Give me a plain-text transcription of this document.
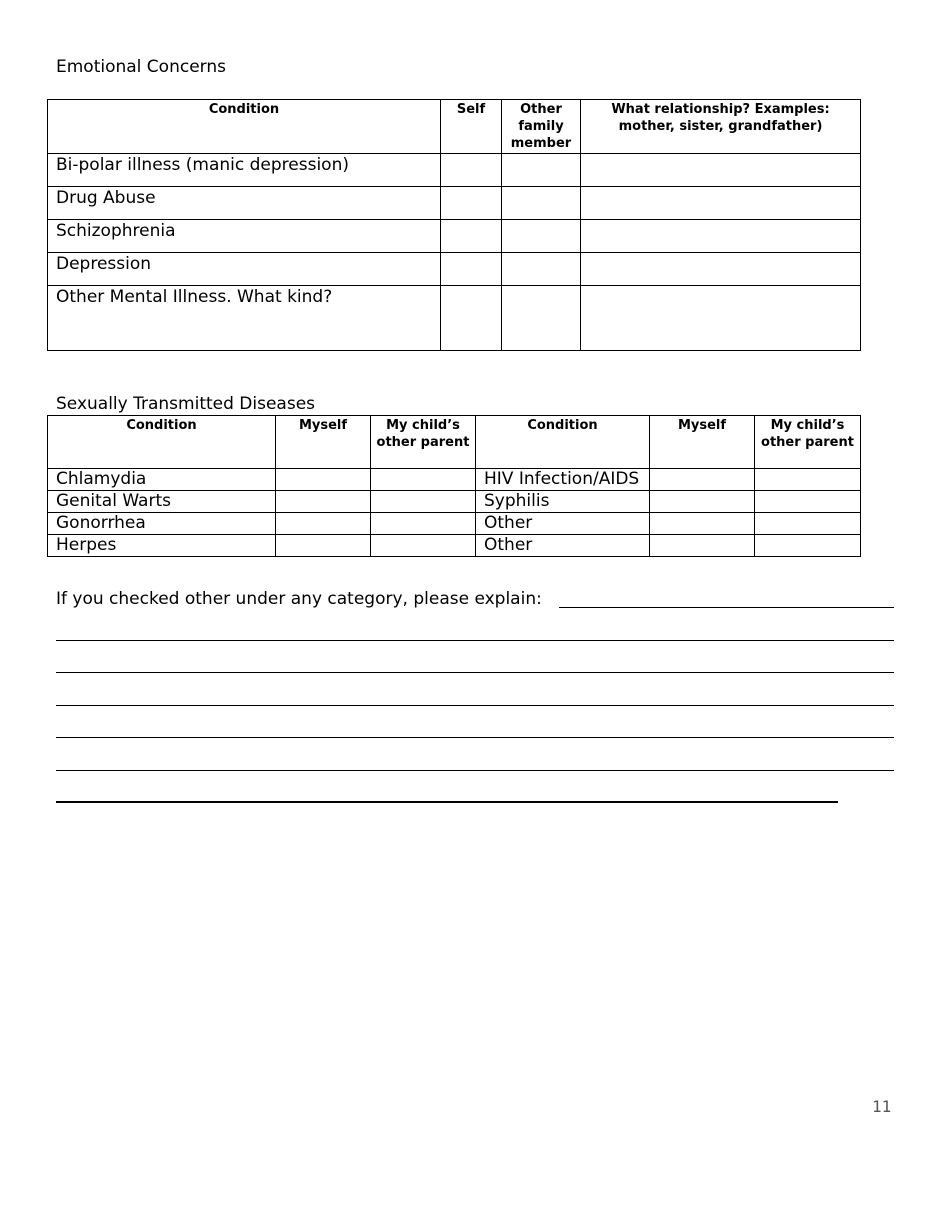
Emotional Concerns
Condition	Self	Other family member	What relationship? Examples: mother, sister, grandfather)
Bi-polar illness (manic depression)			
Drug Abuse			
Schizophrenia			
Depression			
Other Mental Illness. What kind?			
Sexually Transmitted Diseases
Condition	Myself	My child’s other parent	Condition	Myself	My child’s other parent
Chlamydia			HIV Infection/AIDS		
Genital Warts			Syphilis		
Gonorrhea			Other		
Herpes			Other		
If you checked other under any category, please explain:
11
